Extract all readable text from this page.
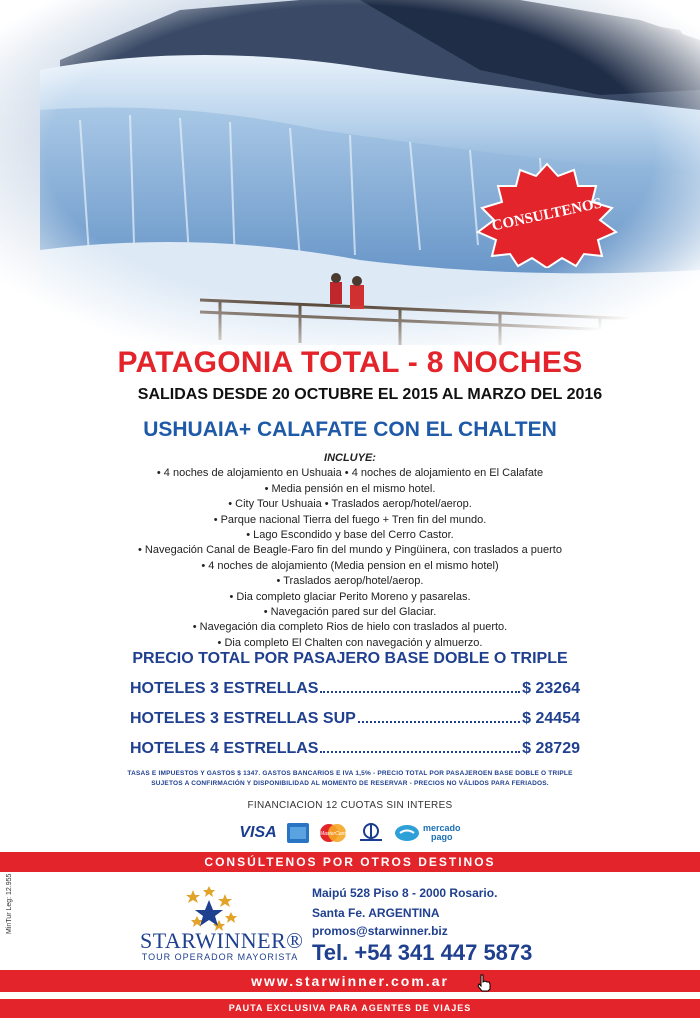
CONSULTENOS
PATAGONIA TOTAL - 8 NOCHES
SALIDAS DESDE 20 OCTUBRE EL 2015 AL MARZO DEL 2016
USHUAIA+ CALAFATE CON EL CHALTEN
INCLUYE:
• 4 noches de alojamiento en Ushuaia • 4 noches de alojamiento en El Calafate
• Media pensión en el mismo hotel.
• City Tour Ushuaia • Traslados aerop/hotel/aerop.
• Parque nacional Tierra del fuego + Tren fin del mundo.
• Lago Escondido y base del Cerro Castor.
• Navegación Canal de Beagle-Faro fin del mundo y Pingüinera, con traslados a puerto
• 4 noches de alojamiento (Media pension en el mismo hotel)
• Traslados aerop/hotel/aerop.
• Dia completo glaciar Perito Moreno y pasarelas.
• Navegación pared sur del Glaciar.
• Navegación dia completo Rios de hielo con traslados al puerto.
• Dia completo El Chalten con navegación y almuerzo.
PRECIO TOTAL POR PASAJERO BASE DOBLE O TRIPLE
HOTELES 3 ESTRELLAS	$ 23264
HOTELES 3 ESTRELLAS SUP	$ 24454
HOTELES 4 ESTRELLAS	$ 28729
TASAS E IMPUESTOS Y GASTOS $ 1347. GASTOS BANCARIOS E IVA 1,5% - PRECIO TOTAL POR PASAJEROEN BASE DOBLE O TRIPLE
SUJETOS A CONFIRMACIÓN Y DISPONIBILIDAD AL MOMENTO DE RESERVAR - PRECIOS NO VÁLIDOS PARA FERIADOS.
FINANCIACION 12 CUOTAS SIN INTERES
VISA	MasterCard
mercado
pago
CONSÚLTENOS POR OTROS DESTINOS
MinTur Leg: 12.955
STARWINNER®
TOUR OPERADOR MAYORISTA
Maipú 528 Piso 8 - 2000 Rosario.
Santa Fe. ARGENTINA
promos@starwinner.biz
Tel. +54 341 447 5873
www.starwinner.com.ar
PAUTA EXCLUSIVA PARA AGENTES DE VIAJES
